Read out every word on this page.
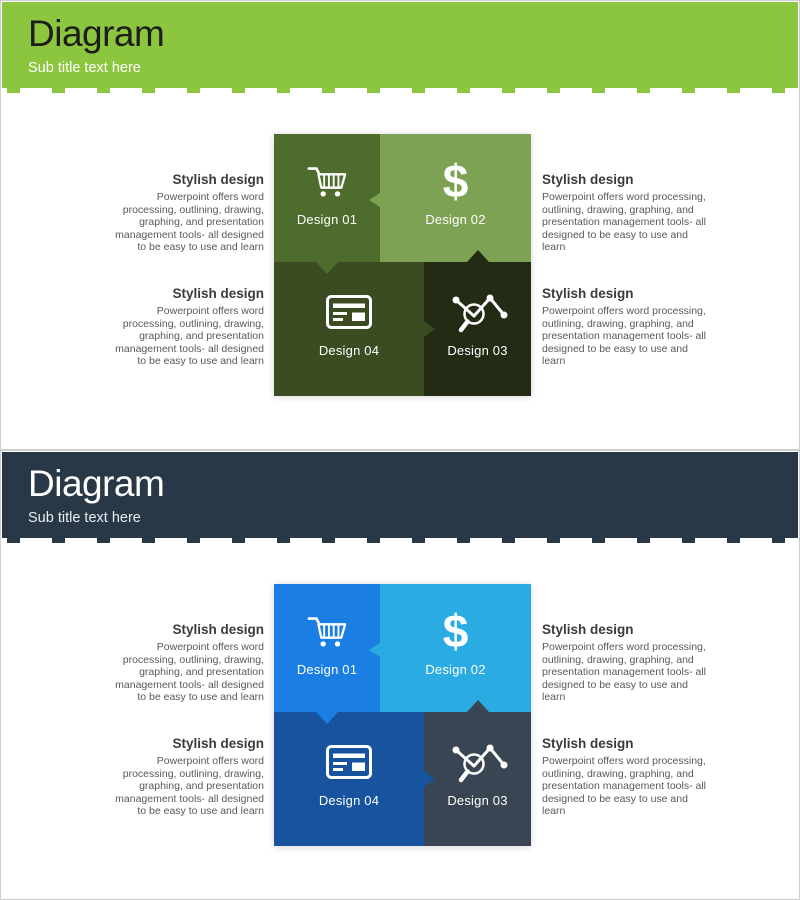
Diagram
Sub title text here
Design 01
$
Design 02
Design 04	Design 03
Stylish design

Powerpoint offers word processing, outlining, drawing, graphing, and presentation management tools- all designed to be easy to use and learn

Stylish design

Powerpoint offers word processing, outlining, drawing, graphing, and presentation management tools- all designed to be easy to use and learn

Stylish design

Powerpoint offers word processing, outlining, drawing, graphing, and presentation management tools- all designed to be easy to use and learn

Stylish design

Powerpoint offers word processing, outlining, drawing, graphing, and presentation management tools- all designed to be easy to use and learn

Diagram
Sub title text here
Design 01
$
Design 02
Design 04	Design 03
Stylish design

Powerpoint offers word processing, outlining, drawing, graphing, and presentation management tools- all designed to be easy to use and learn

Stylish design

Powerpoint offers word processing, outlining, drawing, graphing, and presentation management tools- all designed to be easy to use and learn

Stylish design

Powerpoint offers word processing, outlining, drawing, graphing, and presentation management tools- all designed to be easy to use and learn

Stylish design

Powerpoint offers word processing, outlining, drawing, graphing, and presentation management tools- all designed to be easy to use and learn
